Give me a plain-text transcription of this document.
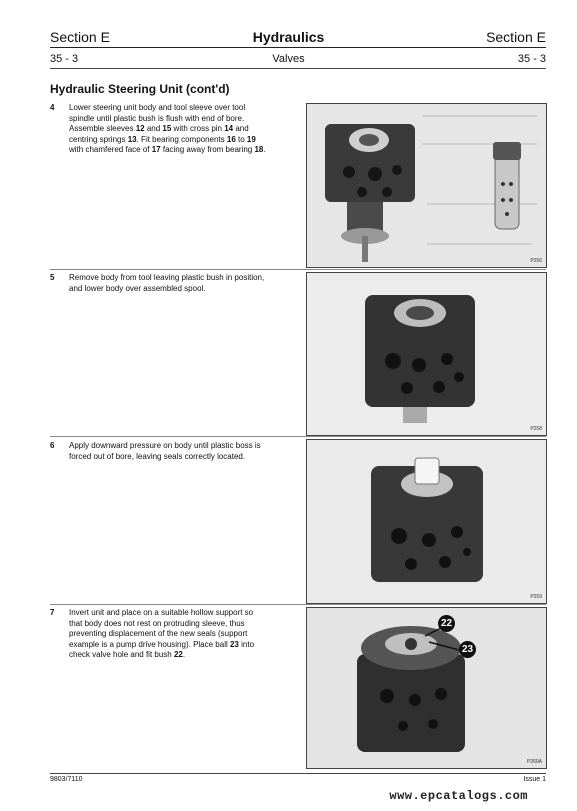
Section E	Hydraulics	Section E
35 - 3	Valves	35 - 3
Hydraulic Steering Unit (cont'd)
4 Lower steering unit body and tool sleeve over tool
spindle until plastic bush is flush with end of bore.
Assemble sleeves 12 and 15 with cross pin 14 and
centring springs 13. Fit bearing components 16 to 19
with chamfered face of 17 facing away from bearing 18.
P256
5 Remove body from tool leaving plastic bush in position,
and lower body over assembled spool.
P258
6 Apply downward pressure on body until plastic boss is
forced out of bore, leaving seals correctly located.
P259
7 Invert unit and place on a suitable hollow support so
that body does not rest on protruding sleeve, thus
preventing displacement of the new seals (support
example is a pump drive housing). Place ball 23 into
check valve hole and fit bush 22.
22
23
P260A
9803/7110	Issue 1
www.epcatalogs.com
